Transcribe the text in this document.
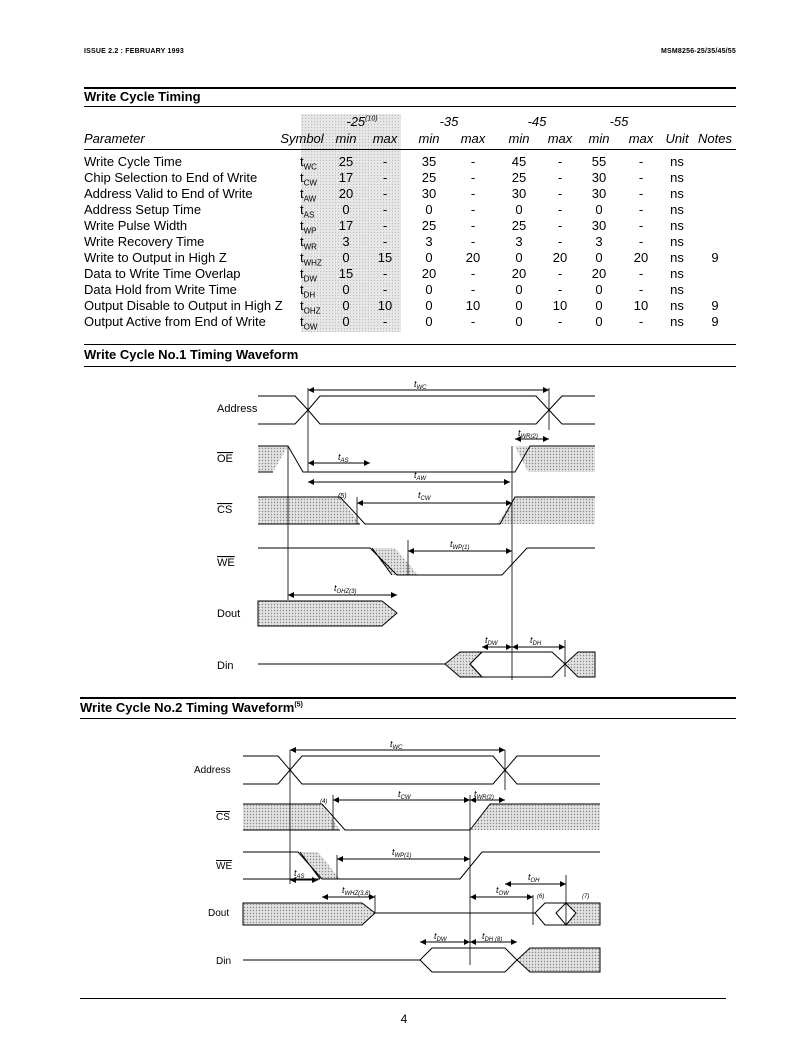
ISSUE 2.2 : FEBRUARY 1993	MSM8256-25/35/45/55
Write Cycle Timing
-25$^{(10)}$	-35	-45	-55
Parameter	Symbol min	max	min	max	min	max	min	max Unit Notes
Write Cycle Time	$t_{WC}$	25	-	35	-	45	-	55	-	ns
Chip Selection to End of Write	$t_{CW}$	17	-	25	-	25	-	30	-	ns
Address Valid to End of Write	$t_{AW}$	20	-	30	-	30	-	30	-	ns
Address Setup Time	$t_{AS}$	0	-	0	-	0	-	0	-	ns
Write Pulse Width	$t_{WP}$	17	-	25	-	25	-	30	-	ns
Write Recovery Time	$t_{WR}$	3	-	3	-	3	-	3	-	ns
Write to Output in High Z	$t_{WHZ}$	0	15	0	20	0	20	0	20	ns	9
Data to Write Time Overlap	$t_{DW}$	15	-	20	-	20	-	20	-	ns
Data Hold from Write Time	$t_{DH}$	0	-	0	-	0	-	0	-	ns
Output Disable to Output in High Z $t_{OHZ}$	0	10	0	10	0	10	0	10	ns	9
Output Active from End of Write	$t_{OW}$	0	-	0	-	0	-	0	-	ns	9
Write Cycle No.1 Timing Waveform
Address
OE
CS
WE
Dout
Din
$t_{WC}$
$t_{WR(2)}$
$t_{AS}$
$t_{AW}$
(5)	$t_{CW}$
$t_{WP(1)}$
$t_{OHZ(3)}$
$t_{DW}$	$t_{DH}$
Address
CS
WE
Dout
Din
$t_{WC}$
(4)
$t_{CW}$	$t_{WR(2)}$
$t_{WP(1)}$
$t_{AS}$
$t_{WHZ(3,8)}$
$t_{OH}$
$t_{OW}$	(6)	(7)
$t_{DW}$	$t_{DH (8)}$
Write Cycle No.2 Timing Waveform$^{(5)}$
4
